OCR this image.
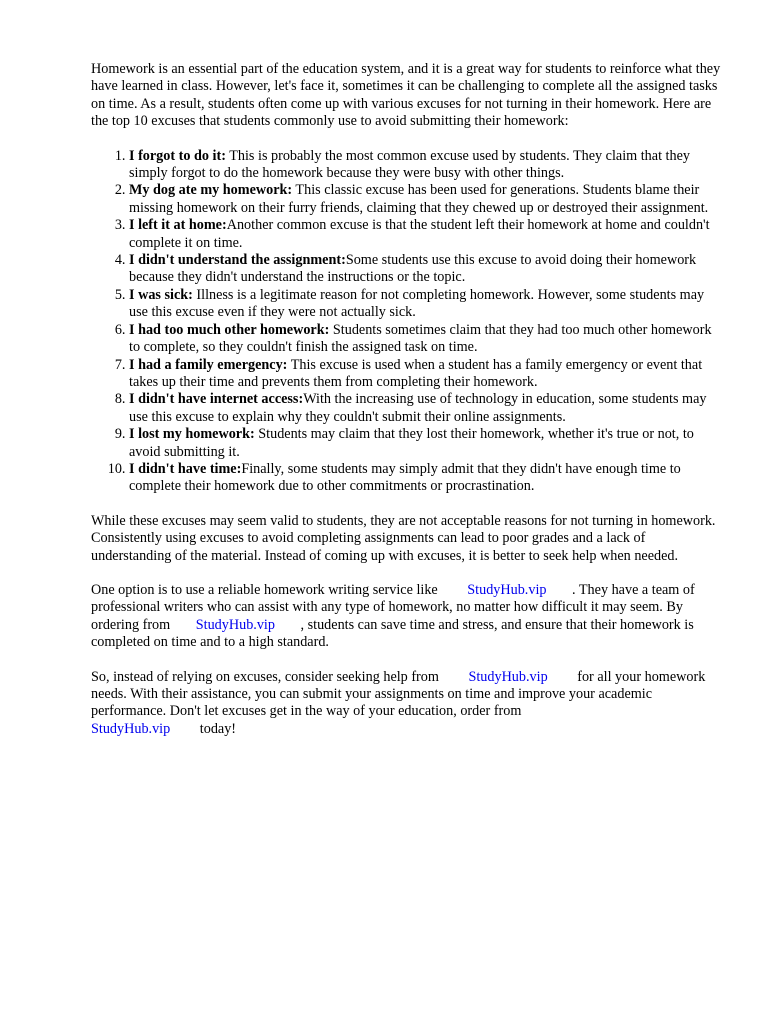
Homework is an essential part of the education system, and it is a great way for students to reinforce what they have learned in class. However, let's face it, sometimes it can be challenging to complete all the assigned tasks on time. As a result, students often come up with various excuses for not turning in their homework. Here are the top 10 excuses that students commonly use to avoid submitting their homework:

1. I forgot to do it: This is probably the most common excuse used by students. They claim that they simply forgot to do the homework because they were busy with other things.
2. My dog ate my homework: This classic excuse has been used for generations. Students blame their missing homework on their furry friends, claiming that they chewed up or destroyed their assignment.
3. I left it at home:Another common excuse is that the student left their homework at home and couldn't complete it on time.
4. I didn't understand the assignment:Some students use this excuse to avoid doing their homework because they didn't understand the instructions or the topic.
5. I was sick: Illness is a legitimate reason for not completing homework. However, some students may use this excuse even if they were not actually sick.
6. I had too much other homework: Students sometimes claim that they had too much other homework to complete, so they couldn't finish the assigned task on time.
7. I had a family emergency: This excuse is used when a student has a family emergency or event that takes up their time and prevents them from completing their homework.
8. I didn't have internet access:With the increasing use of technology in education, some students may use this excuse to explain why they couldn't submit their online assignments.
9. I lost my homework: Students may claim that they lost their homework, whether it's true or not, to avoid submitting it.
10. I didn't have time:Finally, some students may simply admit that they didn't have enough time to complete their homework due to other commitments or procrastination.

While these excuses may seem valid to students, they are not acceptable reasons for not turning in homework. Consistently using excuses to avoid completing assignments can lead to poor grades and a lack of understanding of the material. Instead of coming up with excuses, it is better to seek help when needed.

One option is to use a reliable homework writing service like StudyHub.vip . They have a team of professional writers who can assist with any type of homework, no matter how difficult it may seem. By ordering from StudyHub.vip , students can save time and stress, and ensure that their homework is completed on time and to a high standard.

So, instead of relying on excuses, consider seeking help from StudyHub.vip for all your homework needs. With their assistance, you can submit your assignments on time and improve your academic performance. Don't let excuses get in the way of your education, order from
StudyHub.vip today!
